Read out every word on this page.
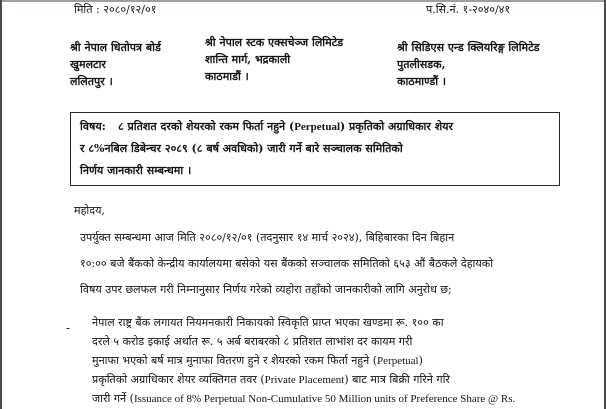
मिति : २०८०/१२/०१	प.सि.नं. १-२०४०/४१
श्री नेपाल धितोपत्र बोर्ड
खुमलटार
ललितपुर ।
श्री नेपाल स्टक एक्सचेञ्ज लिमिटेड
शान्ति मार्ग, भद्रकाली
काठमाडौं ।
श्री सिडिएस एन्ड क्लियरिङ्ग लिमिटेड
पुतलीसडक,
काठमाण्डौं ।
विषय: ८ प्रतिशत दरको शेयरको रकम फिर्ता नहुने (Perpetual) प्रकृतिको अग्राधिकार शेयर
र ८%नबिल डिबेन्चर २०८९ (८ बर्ष अवधिको) जारी गर्ने बारे सञ्चालक समितिको
निर्णय जानकारी सम्बन्धमा ।
महोदय,
उपर्युक्त सम्बन्धमा आज मिति २०८०/१२/०१ (तदनुसार १४ मार्च २०२४), बिहिबारका दिन बिहान
१०:०० बजे बैंकको केन्द्रीय कार्यालयमा बसेको यस बैंकको सञ्चालक समितिको ६५३ औं बैठकले देहायको
विषय उपर छलफल गरी निम्नानुसार निर्णय गरेको व्यहोरा तहाँको जानकारीको लागि अनुरोध छ;
- नेपाल राष्ट्र बैंक लगायत नियमनकारी निकायको स्विकृति प्राप्त भएका खण्डमा रू. १०० का
दरले ५ करोड इकाई अर्थात रू. ५ अर्ब बराबरको ८ प्रतिशत लाभांश दर कायम गरी
मुनाफा भएको बर्ष मात्र मुनाफा वितरण हुने र शेयरको रकम फिर्ता नहुने (Perpetual)
प्रकृतिको अग्राधिकार शेयर व्यक्तिगत तवर (Private Placement) बाट मात्र बिक्री गरिने गरि
जारी गर्ने (Issuance of 8% Perpetual Non-Cumulative 50 Million units of Preference Share @ Rs.
